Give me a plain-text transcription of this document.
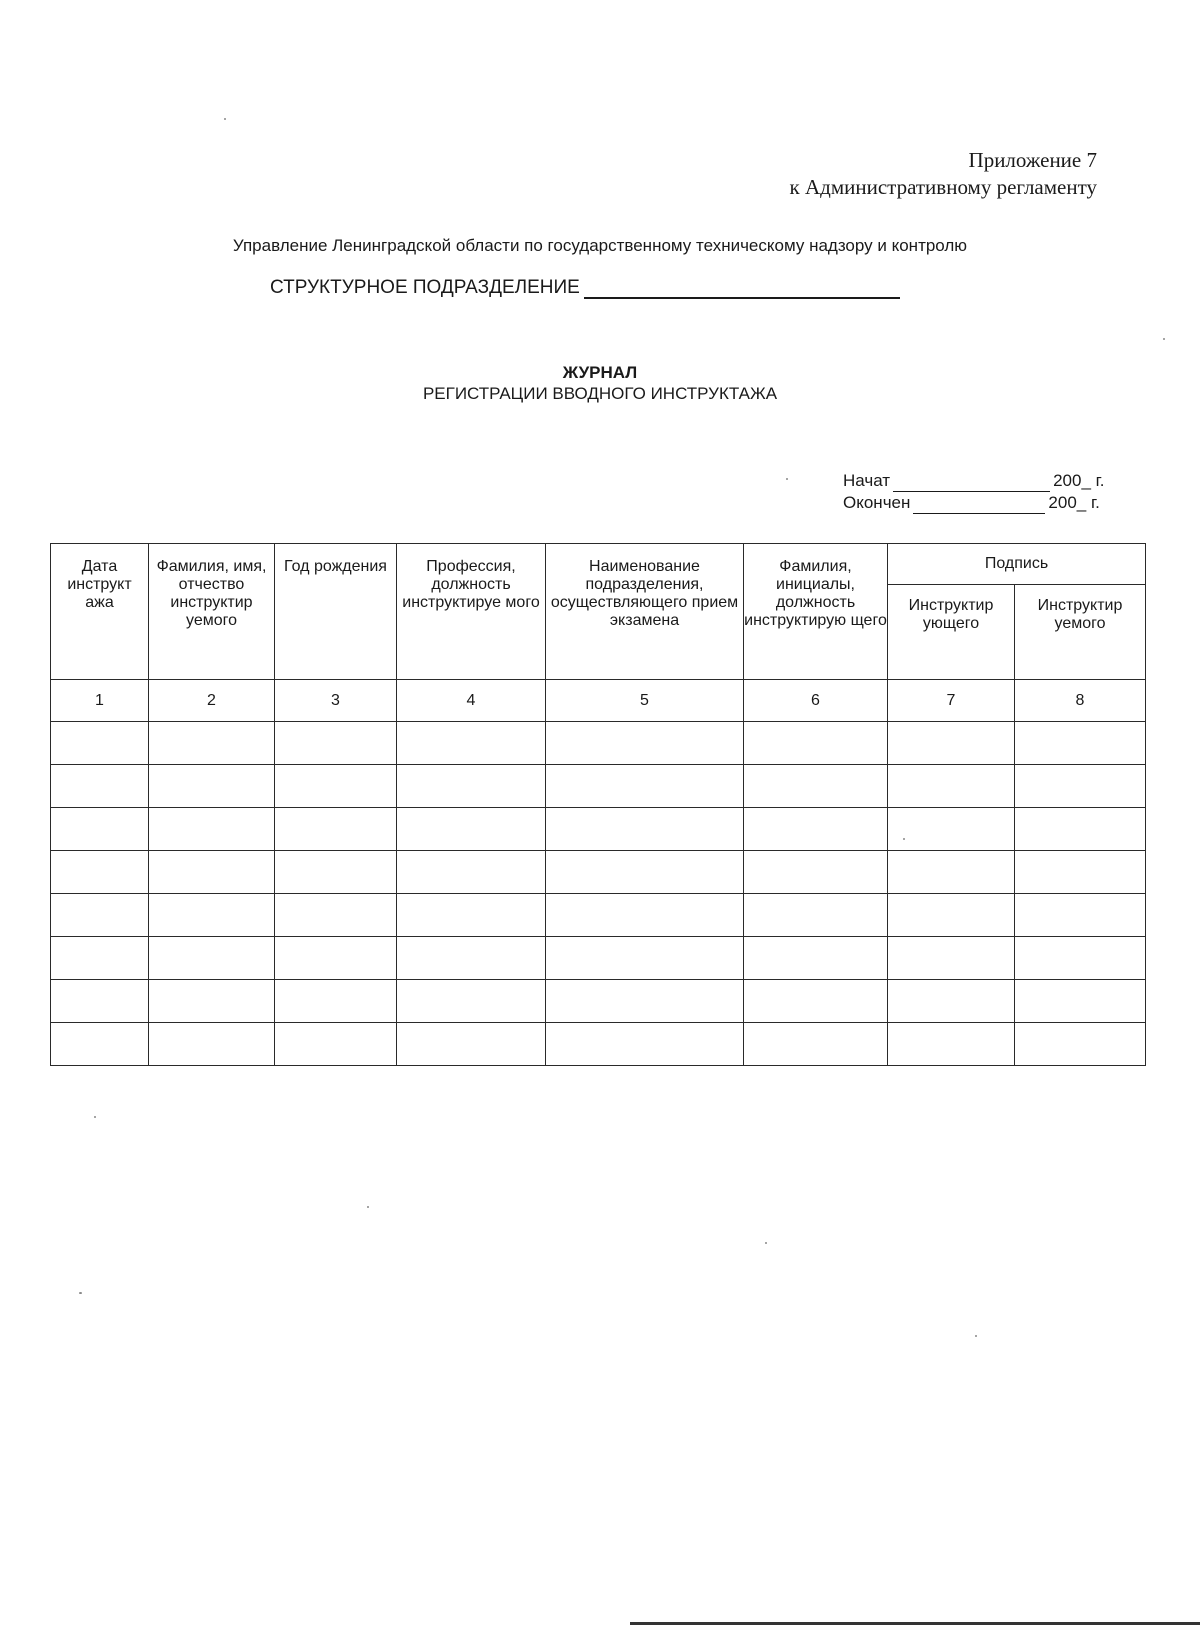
Приложение 7
к Административному регламенту
Управление Ленинградской области по государственному техническому надзору и контролю
СТРУКТУРНОЕ ПОДРАЗДЕЛЕНИЕ
ЖУРНАЛ
РЕГИСТРАЦИИ ВВОДНОГО ИНСТРУКТАЖА
Начат	200_ г.
Окончен	200_ г.
Дата инструкт ажа	Фамилия, имя, отчество инструктир уемого	Год рождения	Профессия, должность инструктируе мого	Наименование подразделения, осуществляющего прием экзамена	Фамилия, инициалы, должность инструктирую щего	Подпись	

						Инструктир ующего	Инструктир уемого

1	2	3	4	5	6	7	8
